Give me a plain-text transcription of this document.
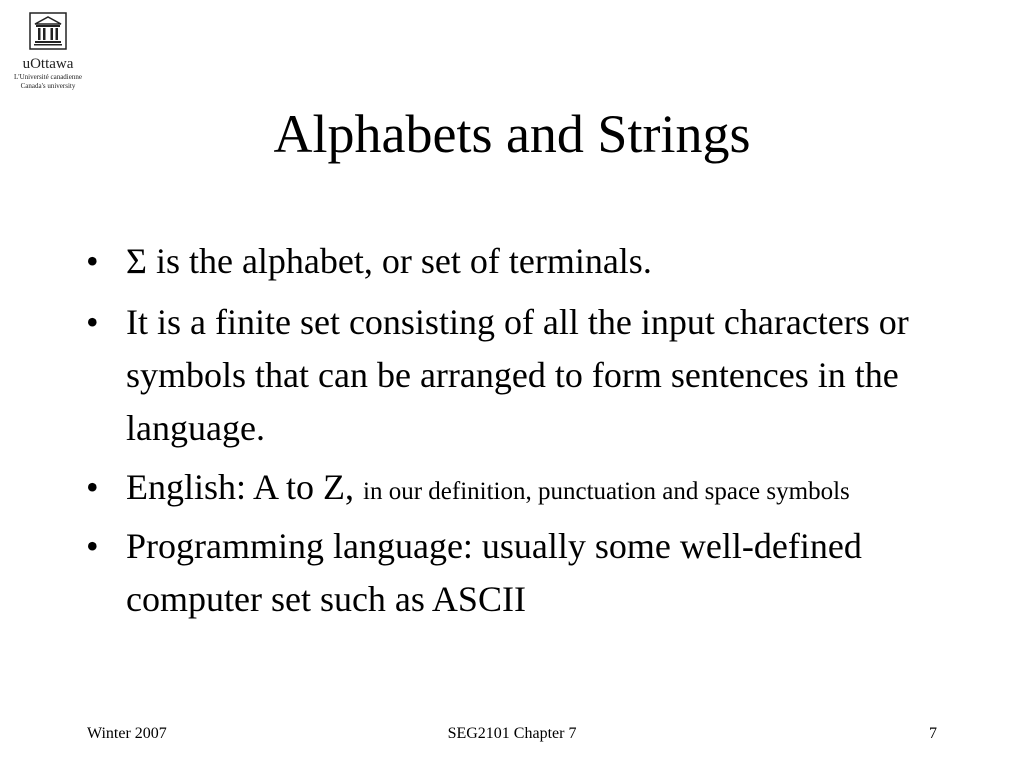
uOttawa
L'Université canadienne
Canada's university
Alphabets and Strings
• Σ is the alphabet, or set of terminals.
• It is a finite set consisting of all the input characters or symbols that can be arranged to form sentences in the language.
• English: A to Z, in our definition, punctuation and space symbols
• Programming language: usually some well-defined computer set such as ASCII
Winter 2007	SEG2101 Chapter 7	7
